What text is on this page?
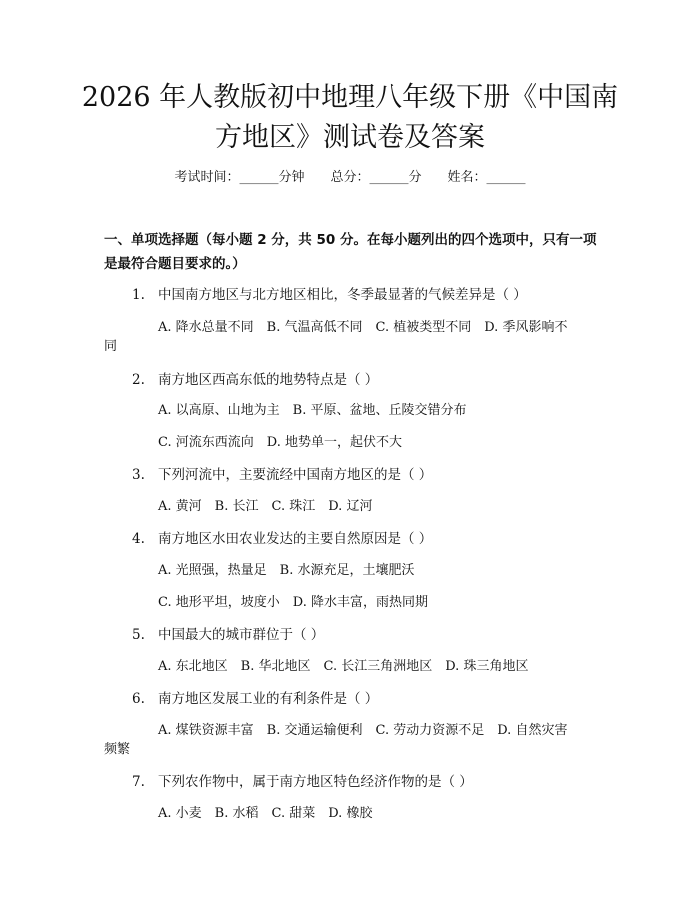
2026 年人教版初中地理八年级下册《中国南
方地区》测试卷及答案
考试时间：______分钟 总分：______分 姓名：______
一、单项选择题（每小题 2 分，共 50 分。在每小题列出的四个选项中，只有一项是最符合题目要求的。）
1. 中国南方地区与北方地区相比，冬季最显著的气候差异是（ ）
A. 降水总量不同　B. 气温高低不同　C. 植被类型不同　D. 季风影响不
同
2. 南方地区西高东低的地势特点是（ ）
A. 以高原、山地为主　B. 平原、盆地、丘陵交错分布
C. 河流东西流向　D. 地势单一，起伏不大
3. 下列河流中，主要流经中国南方地区的是（ ）
A. 黄河　B. 长江　C. 珠江　D. 辽河
4. 南方地区水田农业发达的主要自然原因是（ ）
A. 光照强，热量足　B. 水源充足，土壤肥沃
C. 地形平坦，坡度小　D. 降水丰富，雨热同期
5. 中国最大的城市群位于（ ）
A. 东北地区　B. 华北地区　C. 长江三角洲地区　D. 珠三角地区
6. 南方地区发展工业的有利条件是（ ）
A. 煤铁资源丰富　B. 交通运输便利　C. 劳动力资源不足　D. 自然灾害
频繁
7. 下列农作物中，属于南方地区特色经济作物的是（ ）
A. 小麦　B. 水稻　C. 甜菜　D. 橡胶
